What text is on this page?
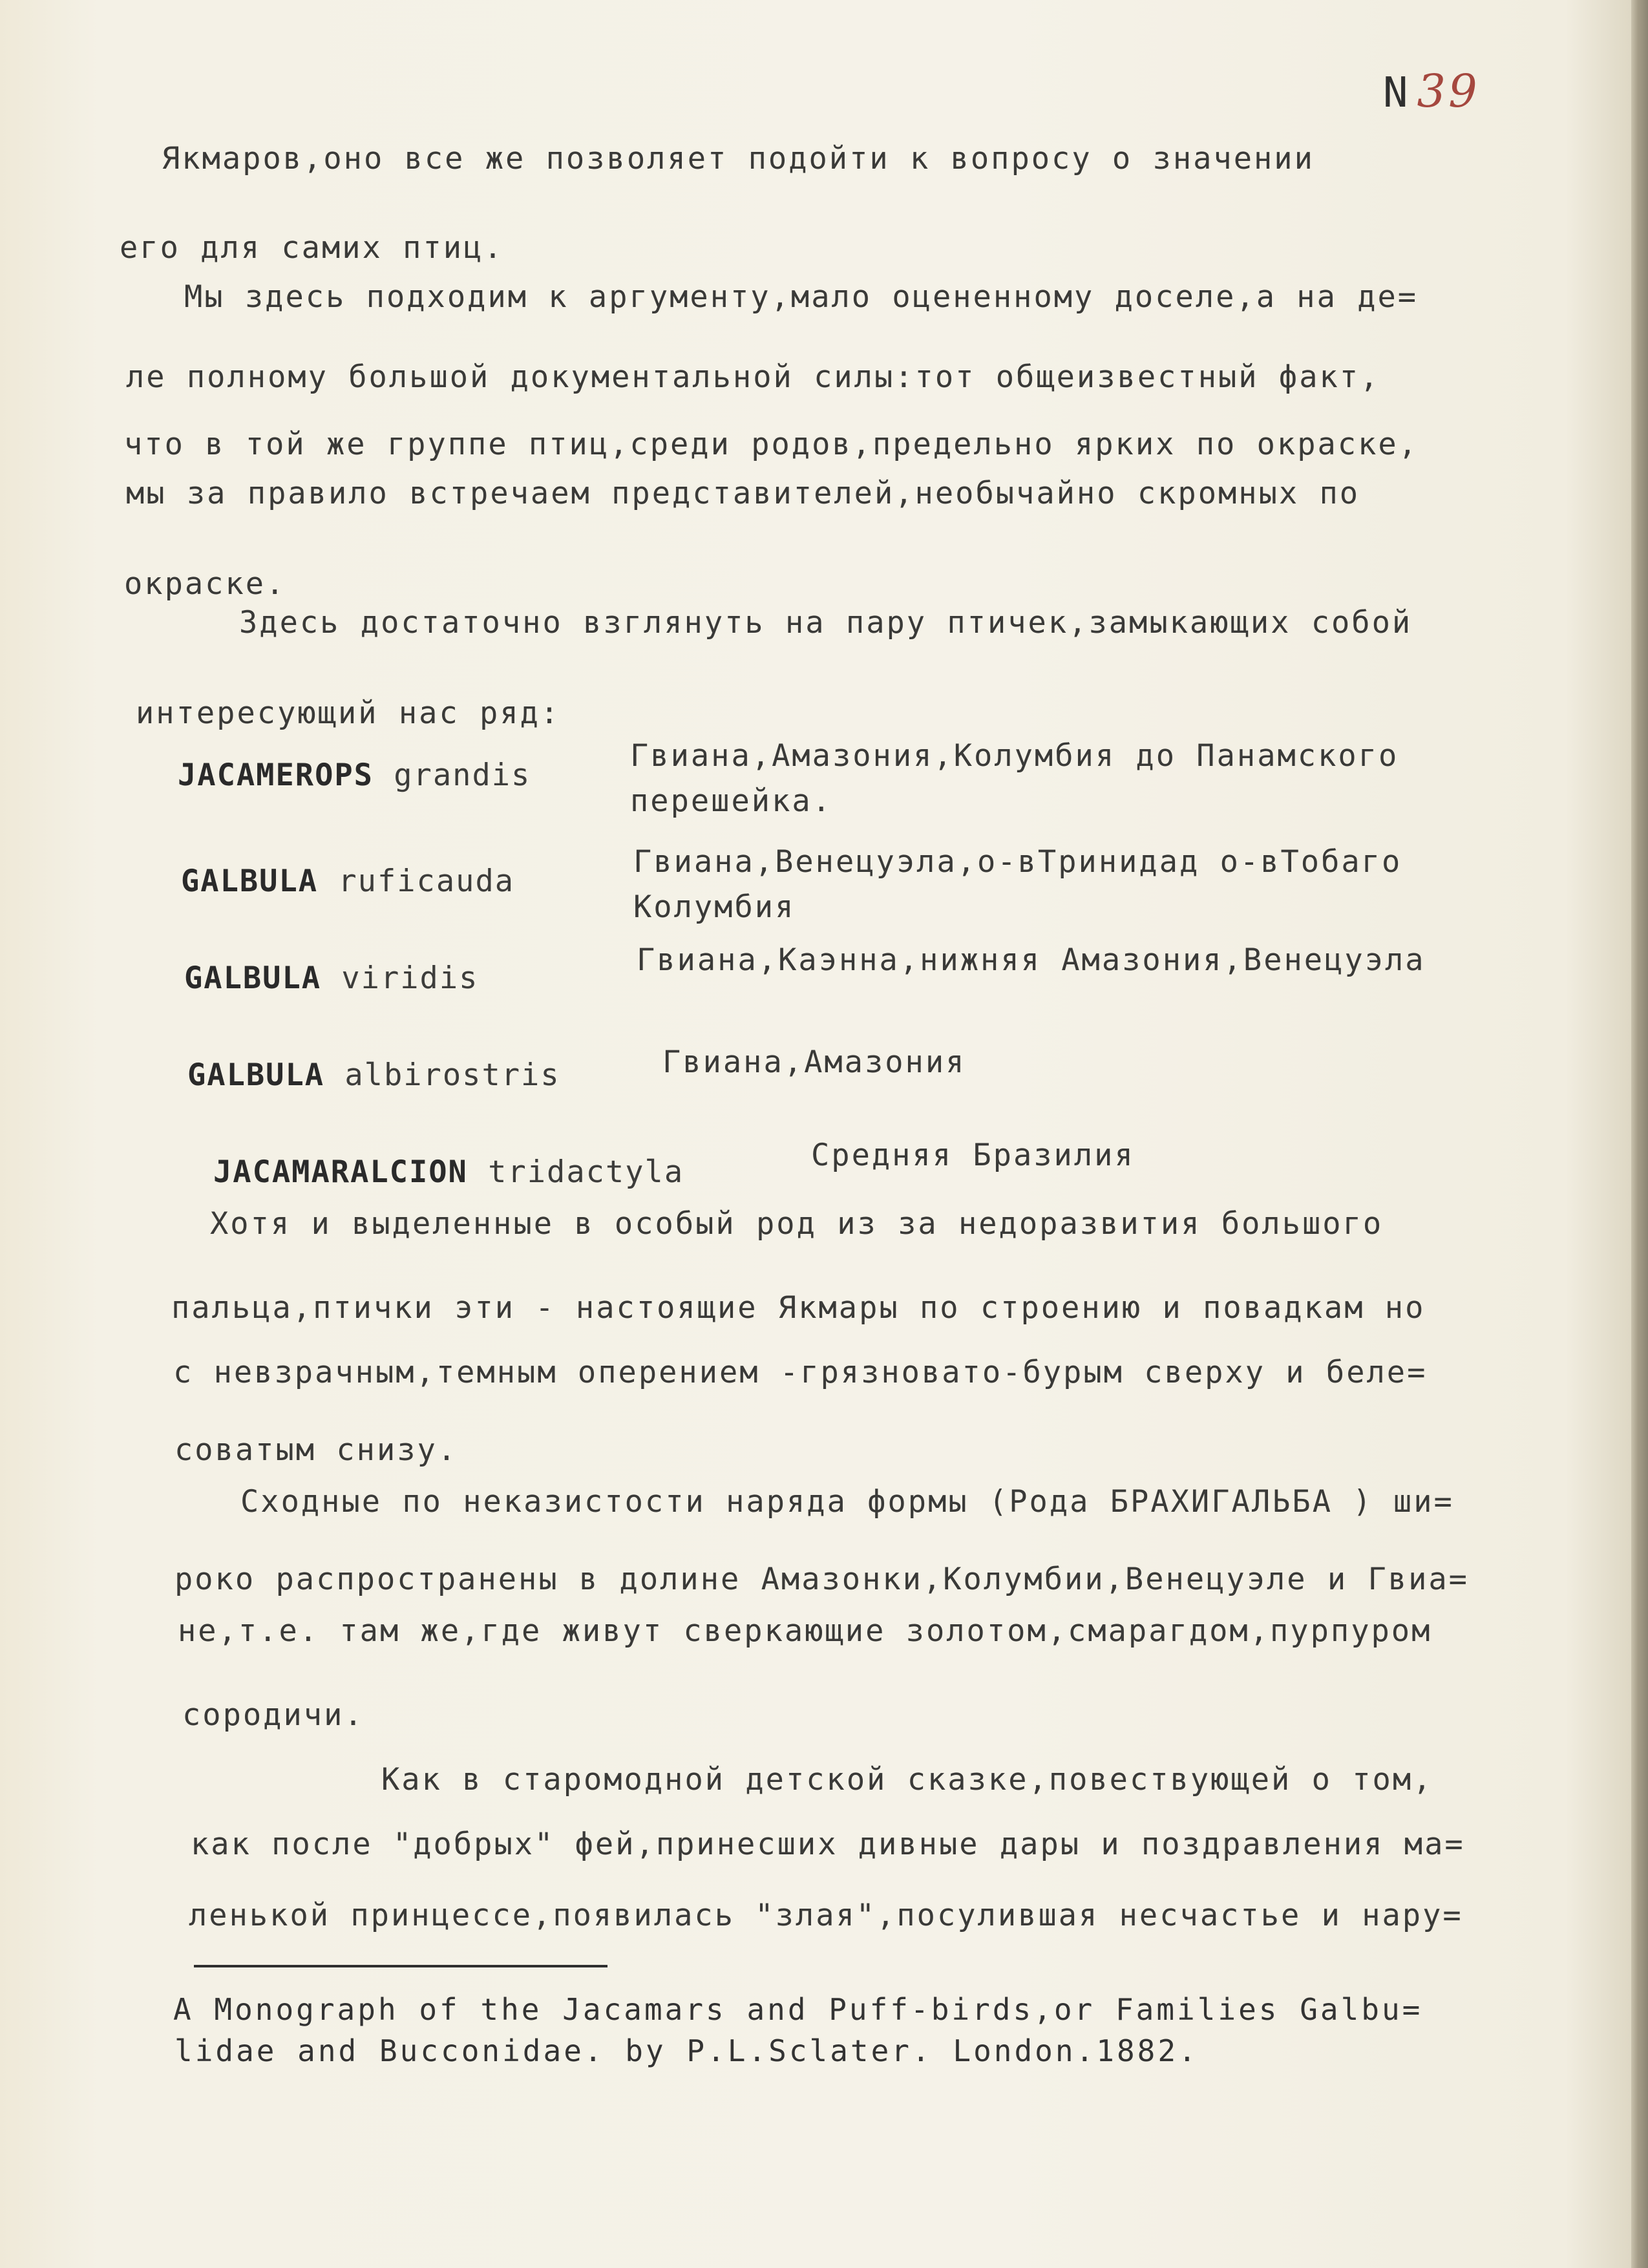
N 39
Якмаров,оно все же позволяет подойти к вопросу о значении
его для самих птиц.
Мы здесь подходим к аргументу,мало оцененному доселе,а на де=
ле полному большой документальной силы:тот общеизвестный факт,
что в той же группе птиц,среди родов,предельно ярких по окраске,
мы за правило встречаем представителей,необычайно скромных по
окраске.
Здесь достаточно взглянуть на пару птичек,замыкающих собой
интересующий нас ряд:
JACAMEROPS grandis
Гвиана,Амазония,Колумбия до Панамского
перешейка.
GALBULA ruficauda
Гвиана,Венецуэла,о-вТринидад о-вТобаго
Колумбия
GALBULA viridis
Гвиана,Каэнна,нижняя Амазония,Венецуэла
GALBULA albirostris	Гвиана,Амазония
JACAMARALCION tridactyla	Средняя Бразилия
Хотя и выделенные в особый род из за недоразвития большого
пальца,птички эти - настоящие Якмары по строению и повадкам но
с невзрачным,темным оперением -грязновато-бурым сверху и беле=
соватым снизу.
Сходные по неказистости наряда формы (Рода БРАХИГАЛЬБА ) ши=
роко распространены в долине Амазонки,Колумбии,Венецуэле и Гвиа=
не,т.е. там же,где живут сверкающие золотом,смарагдом,пурпуром
сородичи.
Как в старомодной детской сказке,повествующей о том,
как после "добрых" фей,принесших дивные дары и поздравления ма=
ленькой принцессе,появилась "злая",посулившая несчастье и нару=
A Monograph of the Jacamars and Puff-birds,or Families Galbu=
lidae and Bucconidae. by P.L.Sclater. London.1882.
